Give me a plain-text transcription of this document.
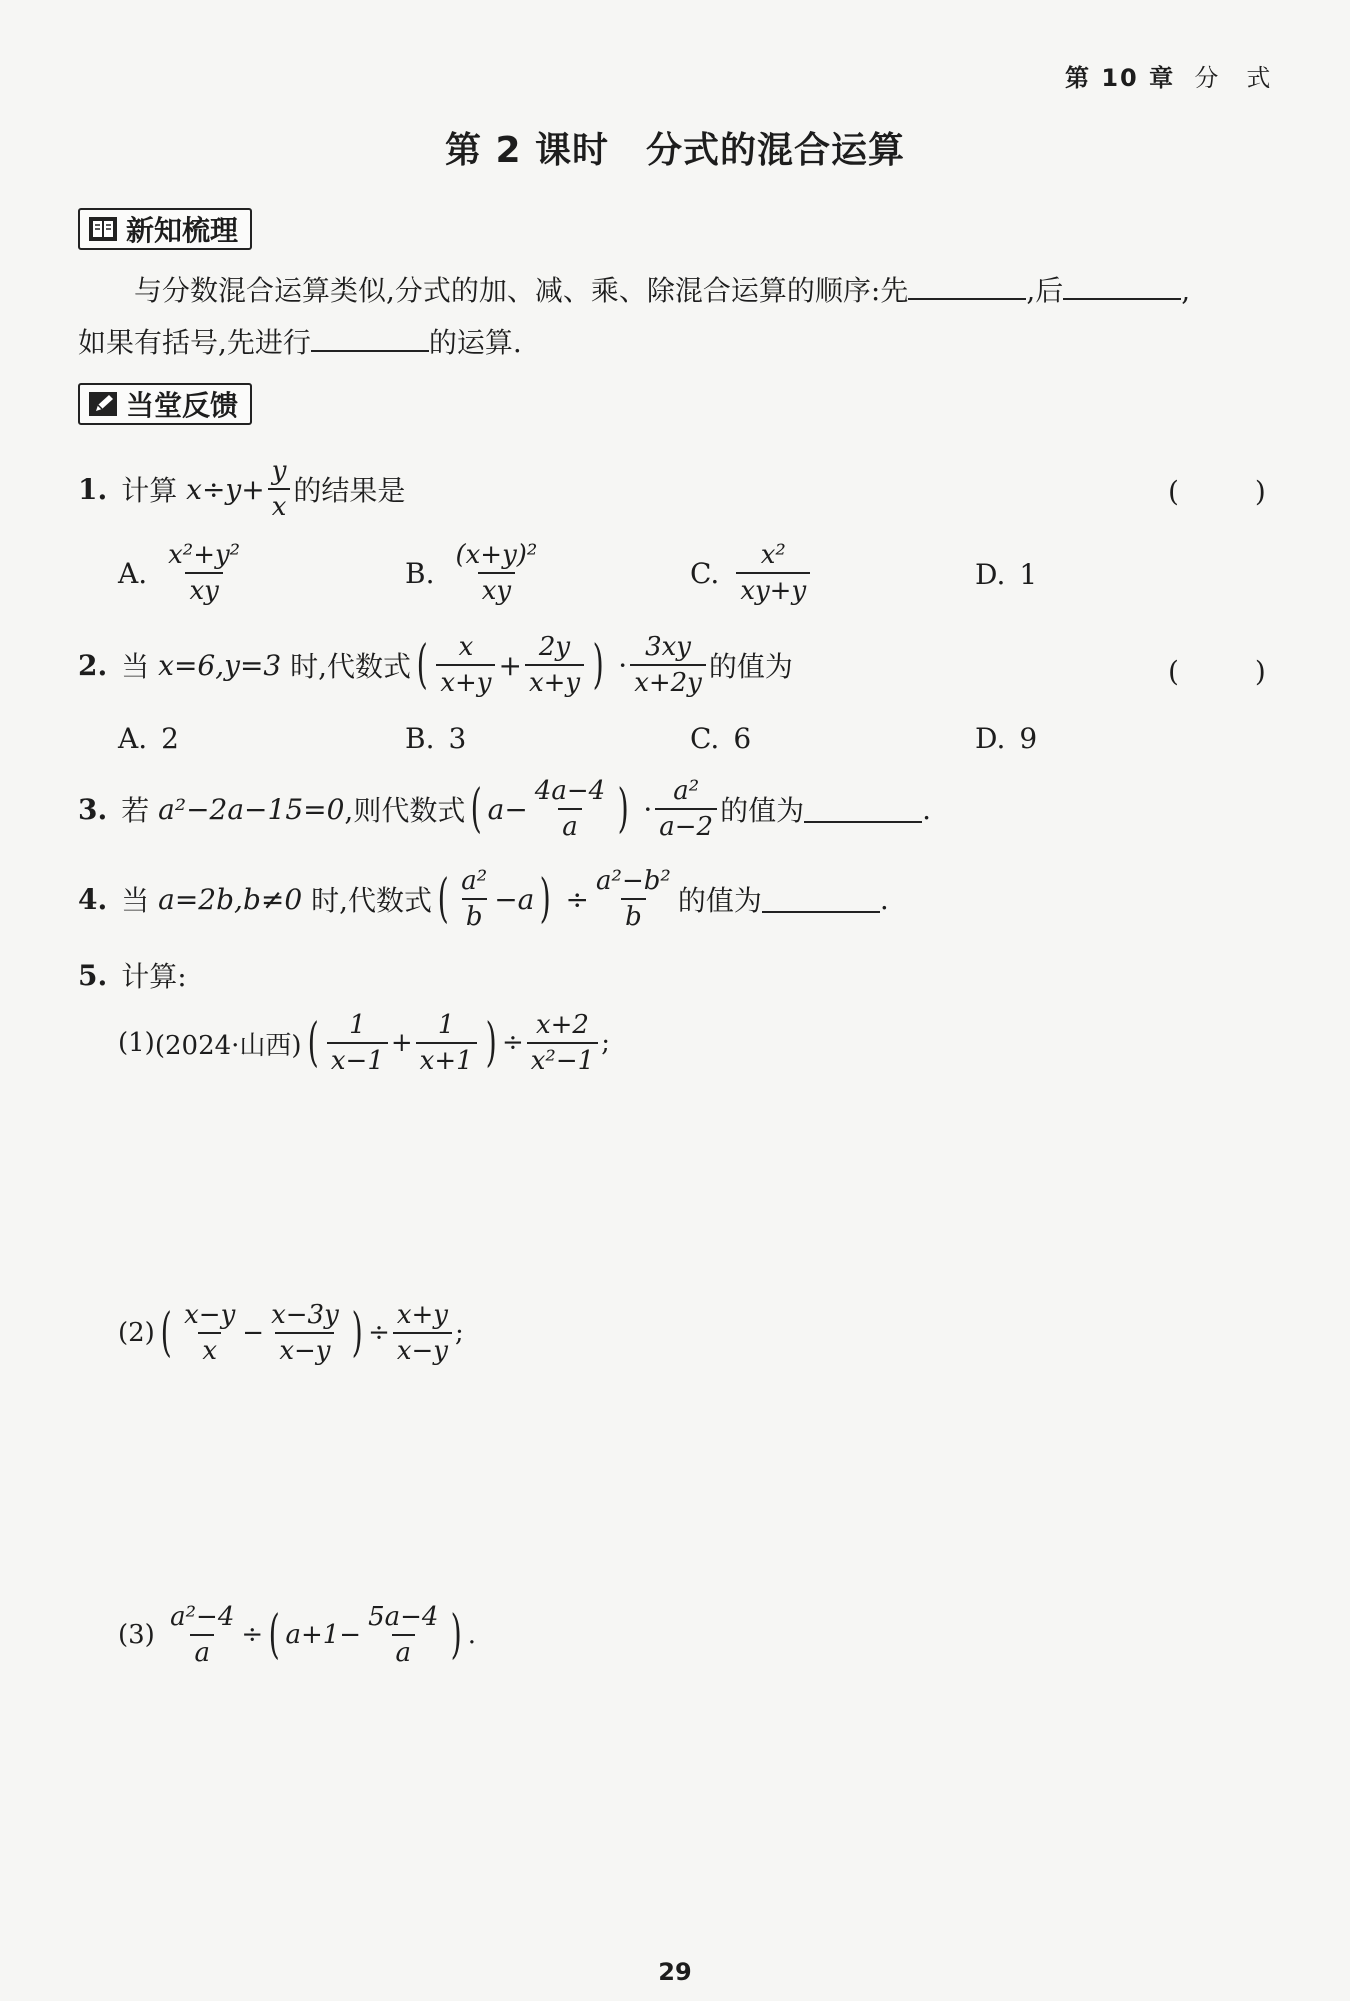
第 10 章 分　式
第 2 课时　分式的混合运算
新知梳理
与分数混合运算类似,分式的加、减、乘、除混合运算的顺序:先	,后	,
如果有括号,先进行	的运算.
当堂反馈
1. 计算
$x\div y+ \frac{y}{x}$ 的结果是	(　)
A. $\frac{\text{x²+y²}}{xy}$	B. $\frac{\text{(x+y)²}}{xy}$	C. $\frac{\text{x²}}{xy+y}$	D. 1
2. 当
x=6,y=3
时,代数式 ( $\frac{x}{x+y} + \frac{2y}{x+y}$ ) · $\frac{3xy}{x+2y}$ 的值为	(　)
A. 2	B. 3	C. 6	D. 9
3. 若
a²−2a−15=0 ,则代数式 ( $a- \frac{4a-4}{a}$ ) · $\frac{\text{a²}}{a-2}$ 的值为	.
4. 当
a=2b,b≠0
时,代数式 ( $\frac{\text{a²}}{b} -a$ ) ÷ $\frac{\text{a²−b²}}{b}$ 的值为	.
5. 计算:
(1) (2024·山西) ( $\frac{1}{x-1} + \frac{1}{x+1}$ ) ÷ $\frac{x+2}{\text{x²−1}}$ ;
(2) ( $\frac{x-y}{x} - \frac{x-3y}{x-y}$ ) ÷ $\frac{x+y}{x-y}$ ;
(3)
$\frac{\text{a²−4}}{a}$ ÷ ( $a+1- \frac{5a-4}{a}$ ) .
29
